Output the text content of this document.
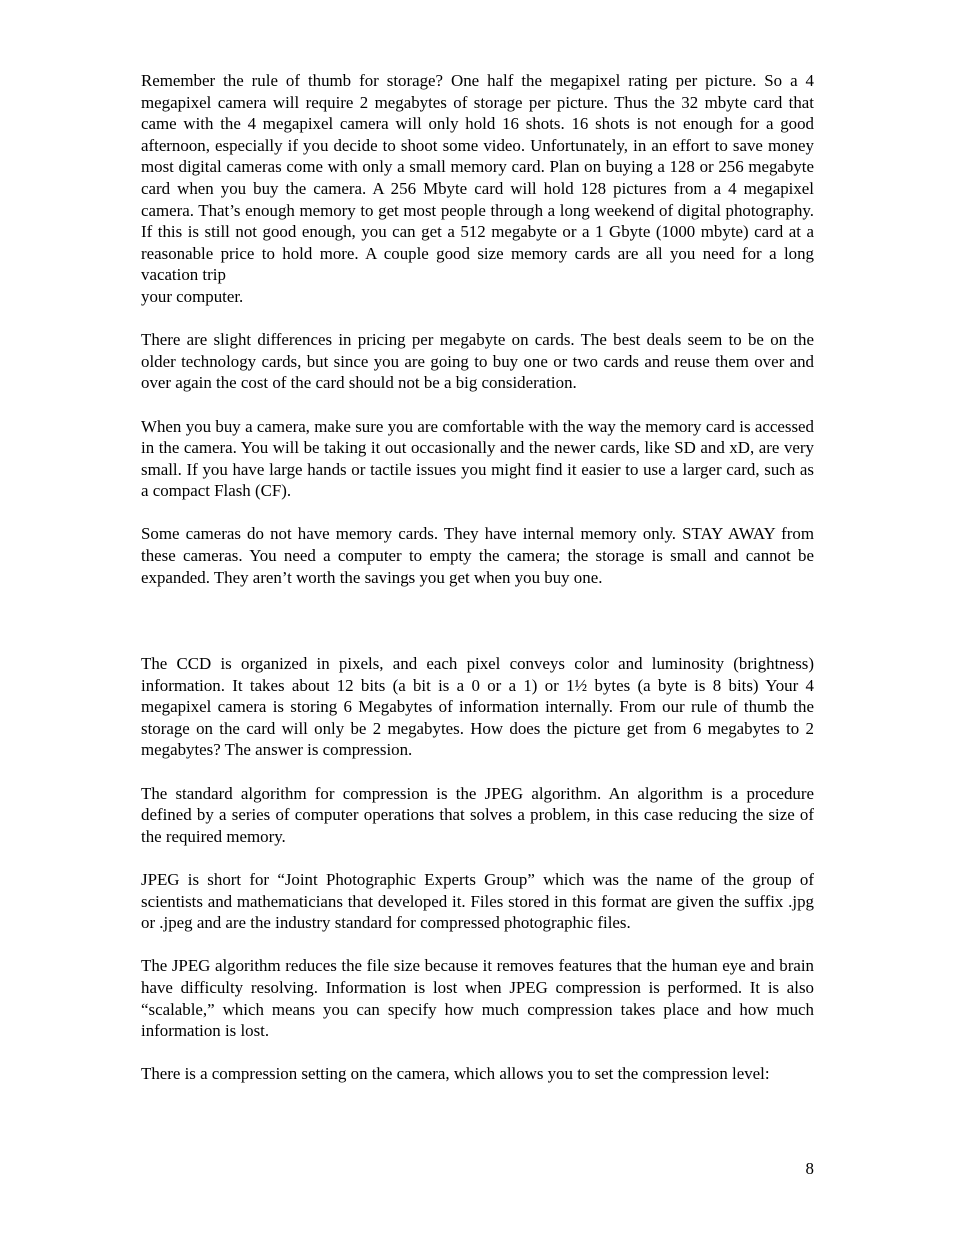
Remember the rule of thumb for storage? One half the megapixel rating per picture. So a 4 megapixel camera will require 2 megabytes of storage per picture. Thus the 32 mbyte card that came with the 4 megapixel camera will only hold 16 shots. 16 shots is not enough for a good afternoon, especially if you decide to shoot some video. Unfortunately, in an effort to save money most digital cameras come with only a small memory card. Plan on buying a 128 or 256 megabyte card when you buy the camera. A 256 Mbyte card will hold 128 pictures from a 4 megapixel camera. That’s enough memory to get most people through a long weekend of digital photography. If this is still not good enough, you can get a 512 megabyte or a 1 Gbyte (1000 mbyte) card at a reasonable price to hold more. A couple good size memory cards are all you need for a long vacation trip

your computer.

There are slight differences in pricing per megabyte on cards. The best deals seem to be on the older technology cards, but since you are going to buy one or two cards and reuse them over and over again the cost of the card should not be a big consideration.

When you buy a camera, make sure you are comfortable with the way the memory card is accessed in the camera. You will be taking it out occasionally and the newer cards, like SD and xD, are very small. If you have large hands or tactile issues you might find it easier to use a larger card, such as a compact Flash (CF).

Some cameras do not have memory cards. They have internal memory only. STAY AWAY from these cameras. You need a computer to empty the camera; the storage is small and cannot be expanded. They aren’t worth the savings you get when you buy one.

The CCD is organized in pixels, and each pixel conveys color and luminosity (brightness) information. It takes about 12 bits (a bit is a 0 or a 1) or 1½ bytes (a byte is 8 bits) Your 4 megapixel camera is storing 6 Megabytes of information internally. From our rule of thumb the storage on the card will only be 2 megabytes. How does the picture get from 6 megabytes to 2 megabytes? The answer is compression.

The standard algorithm for compression is the JPEG algorithm. An algorithm is a procedure defined by a series of computer operations that solves a problem, in this case reducing the size of the required memory.

JPEG is short for “Joint Photographic Experts Group” which was the name of the group of scientists and mathematicians that developed it. Files stored in this format are given the suffix .jpg or .jpeg and are the industry standard for compressed photographic files.

The JPEG algorithm reduces the file size because it removes features that the human eye and brain have difficulty resolving. Information is lost when JPEG compression is performed. It is also “scalable,” which means you can specify how much compression takes place and how much information is lost.

There is a compression setting on the camera, which allows you to set the compression level:

8
